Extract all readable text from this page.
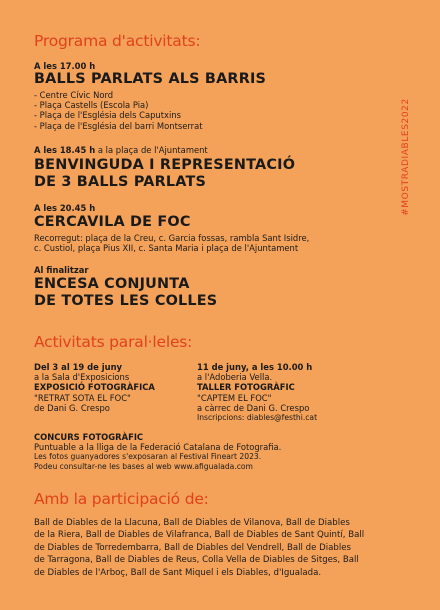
#MOSTRADIABLES2022
Programa d'activitats:
A les 17.00 h
BALLS PARLATS ALS BARRIS
- Centre Cívic Nord
- Plaça Castells (Escola Pia)
- Plaça de l'Església dels Caputxins
- Plaça de l'Església del barri Montserrat
A les 18.45 h a la plaça de l'Ajuntament
BENVINGUDA I REPRESENTACIÓ
DE 3 BALLS PARLATS
A les 20.45 h
CERCAVILA DE FOC
Recorregut: plaça de la Creu, c. Garcia fossas, rambla Sant Isidre,
c. Custiol, plaça Pius XII, c. Santa Maria i plaça de l'Ajuntament
Al finalitzar
ENCESA CONJUNTA
DE TOTES LES COLLES
Activitats paral·leles:
Del 3 al 19 de juny
a la Sala d'Exposicions
EXPOSICIÓ FOTOGRÀFICA
"RETRAT SOTA EL FOC"
de Dani G. Crespo
11 de juny, a les 10.00 h
a l'Adoberia Vella.
TALLER FOTOGRÀFIC
"CAPTEM EL FOC"
a càrrec de Dani G. Crespo
Inscripcions: diables@festhi.cat
CONCURS FOTOGRÀFIC
Puntuable a la lliga de la Federació Catalana de Fotografia.
Les fotos guanyadores s'exposaran al Festival Fineart 2023.
Podeu consultar-ne les bases al web www.afigualada.com
Amb la participació de:
Ball de Diables de la Llacuna, Ball de Diables de Vilanova, Ball de Diables
de la Riera, Ball de Diables de Vilafranca, Ball de Diables de Sant Quintí, Ball
de Diables de Torredembarra, Ball de Diables del Vendrell, Ball de Diables
de Tarragona, Ball de Diables de Reus, Colla Vella de Diables de Sitges, Ball
de Diables de l'Arboç, Ball de Sant Miquel i els Diables, d'Igualada.
